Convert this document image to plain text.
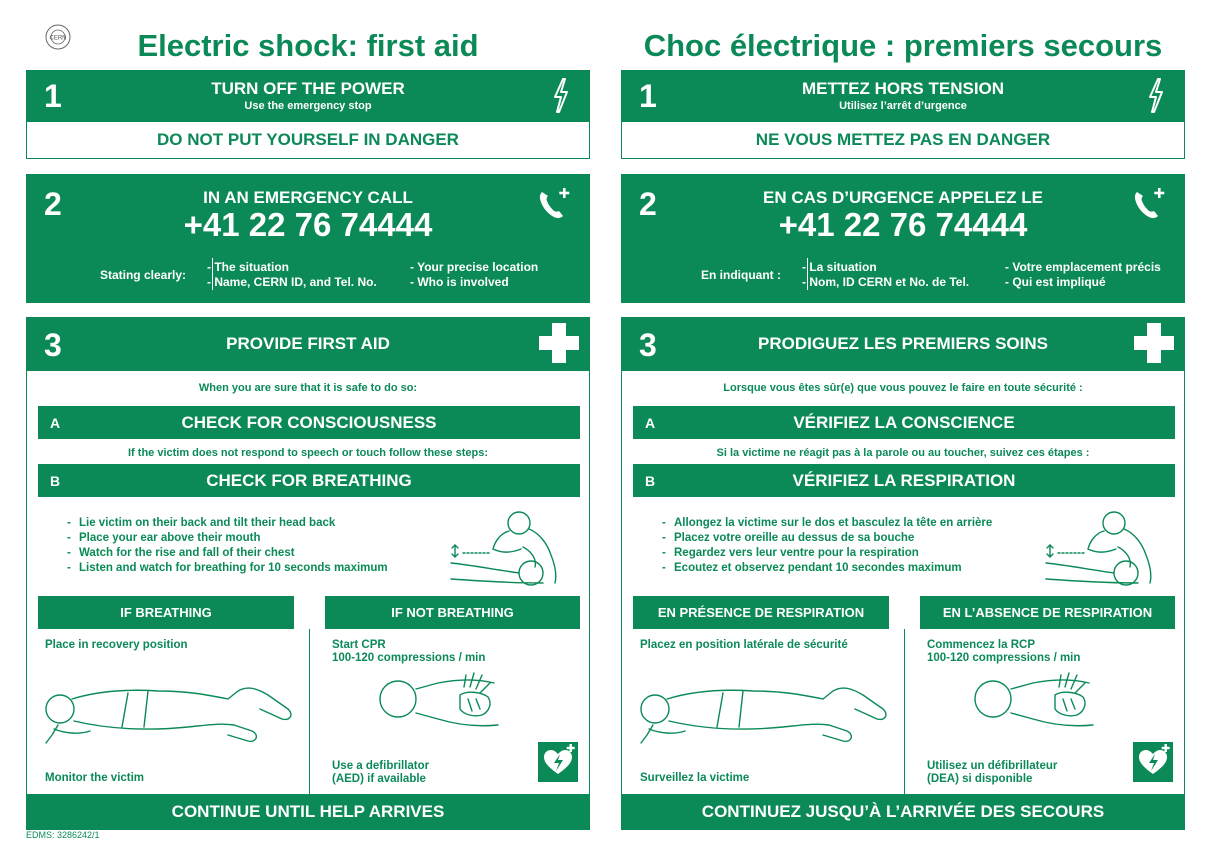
CERN	Electric shock: first aid
1	TURN OFF THE POWER
Use the emergency stop
DO NOT PUT YOURSELF IN DANGER
2	IN AN EMERGENCY CALL
+41 22 76 74444
Stating clearly:
- The situation
- Name, CERN ID, and Tel. No.
- Your precise location
- Who is involved
3	PROVIDE FIRST AID
When you are sure that it is safe to do so:
A	CHECK FOR CONSCIOUSNESS
If the victim does not respond to speech or touch follow these steps:
B	CHECK FOR BREATHING
- Lie victim on their back and tilt their head back
- Place your ear above their mouth
- Watch for the rise and fall of their chest
- Listen and watch for breathing for 10 seconds maximum
IF BREATHING	IF NOT BREATHING
Place in recovery position
Monitor the victim
Start CPR
100-120 compressions / min
Use a defibrillator
(AED) if available
CONTINUE UNTIL HELP ARRIVES
Choc électrique : premiers secours
1	METTEZ HORS TENSION
Utilisez l’arrêt d’urgence
NE VOUS METTEZ PAS EN DANGER
2	EN CAS D’URGENCE APPELEZ LE
+41 22 76 74444
En indiquant :
- La situation
- Nom, ID CERN et No. de Tel.
- Votre emplacement précis
- Qui est impliqué
3	PRODIGUEZ LES PREMIERS SOINS
Lorsque vous êtes sûr(e) que vous pouvez le faire en toute sécurité :
A	VÉRIFIEZ LA CONSCIENCE
Si la victime ne réagit pas à la parole ou au toucher, suivez ces étapes :
B	VÉRIFIEZ LA RESPIRATION
- Allongez la victime sur le dos et basculez la tête en arrière
- Placez votre oreille au dessus de sa bouche
- Regardez vers leur ventre pour la respiration
- Ecoutez et observez pendant 10 secondes maximum
EN PRÉSENCE DE RESPIRATION	EN L’ABSENCE DE RESPIRATION
Placez en position latérale de sécurité
Surveillez la victime
Commencez la RCP
100-120 compressions / min
Utilisez un défibrillateur
(DEA) si disponible
CONTINUEZ JUSQU’À L’ARRIVÉE DES SECOURS
EDMS: 3286242/1
